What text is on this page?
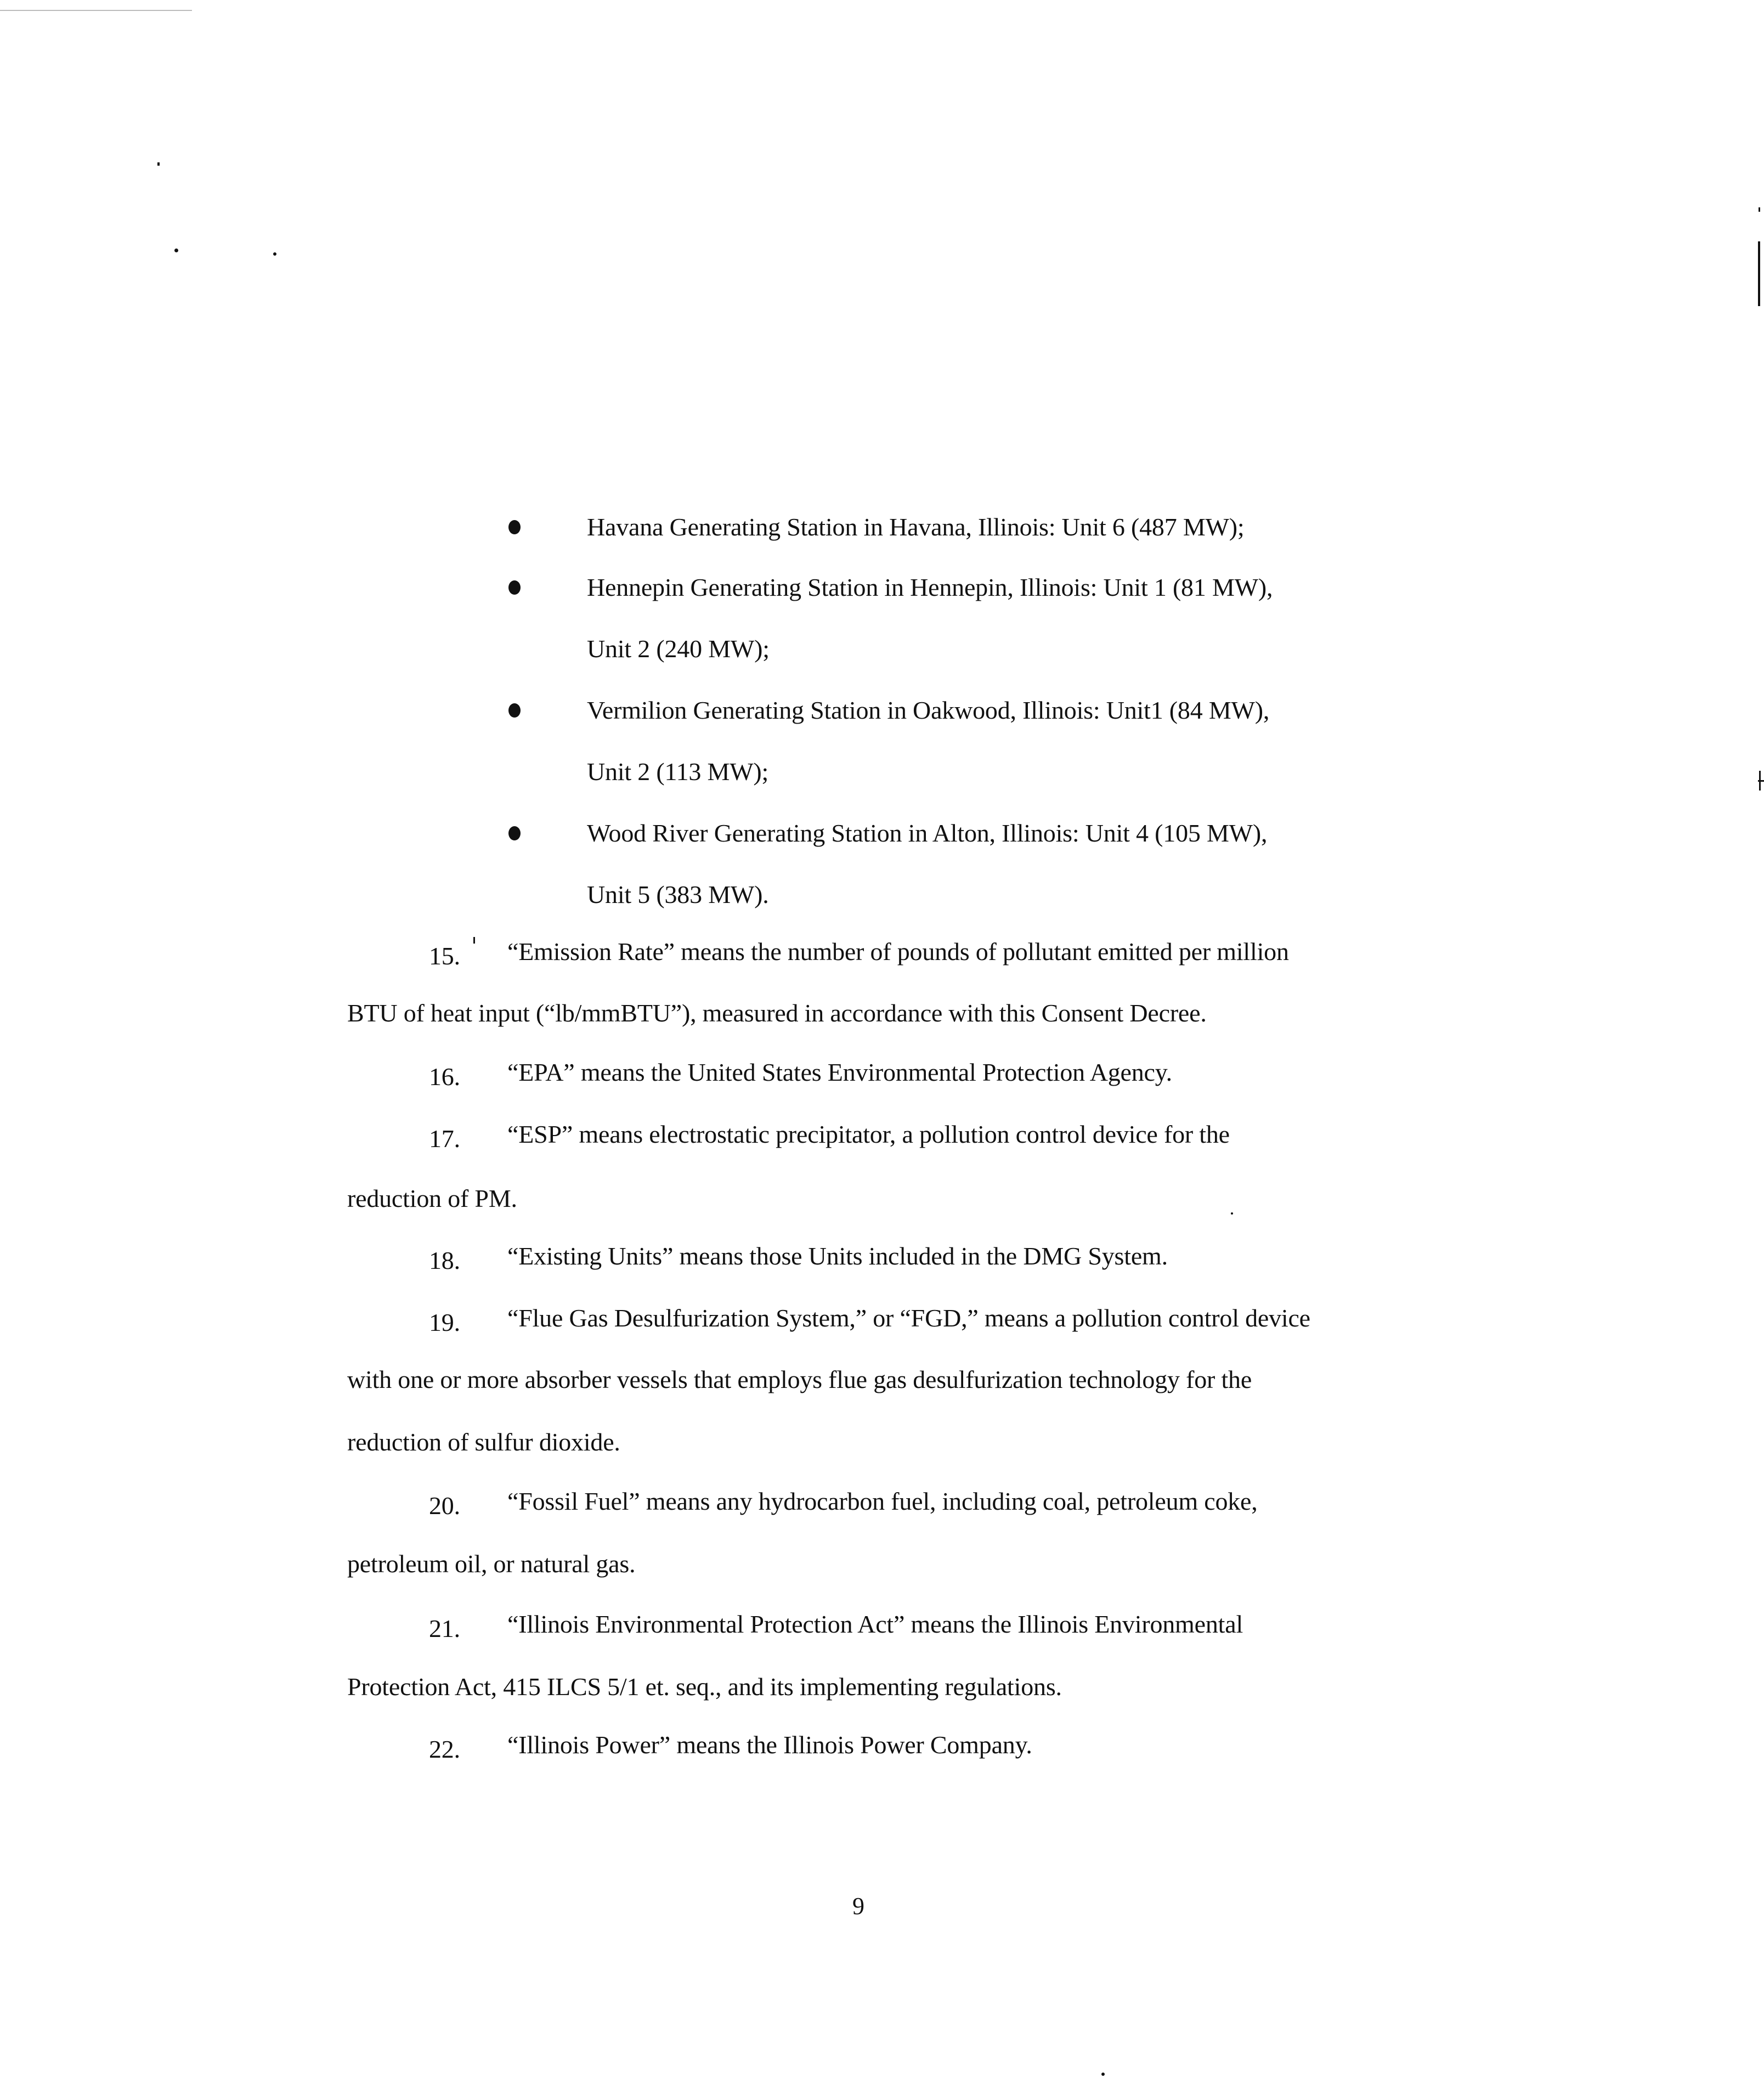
Havana Generating Station in Havana, Illinois: Unit 6 (487 MW);
Hennepin Generating Station in Hennepin, Illinois: Unit 1 (81 MW),
Unit 2 (240 MW);
Vermilion Generating Station in Oakwood, Illinois: Unit1 (84 MW),
Unit 2 (113 MW);
Wood River Generating Station in Alton, Illinois: Unit 4 (105 MW),
Unit 5 (383 MW).
15. “Emission Rate” means the number of pounds of pollutant emitted per million
BTU of heat input (“lb/mmBTU”), measured in accordance with this Consent Decree.
16. “EPA” means the United States Environmental Protection Agency.
17. “ESP” means electrostatic precipitator, a pollution control device for the
reduction of PM.
18. “Existing Units” means those Units included in the DMG System.
19. “Flue Gas Desulfurization System,” or “FGD,” means a pollution control device
with one or more absorber vessels that employs flue gas desulfurization technology for the
reduction of sulfur dioxide.
20. “Fossil Fuel” means any hydrocarbon fuel, including coal, petroleum coke,
petroleum oil, or natural gas.
21. “Illinois Environmental Protection Act” means the Illinois Environmental
Protection Act, 415 ILCS 5/1 et. seq., and its implementing regulations.
22. “Illinois Power” means the Illinois Power Company.
9
